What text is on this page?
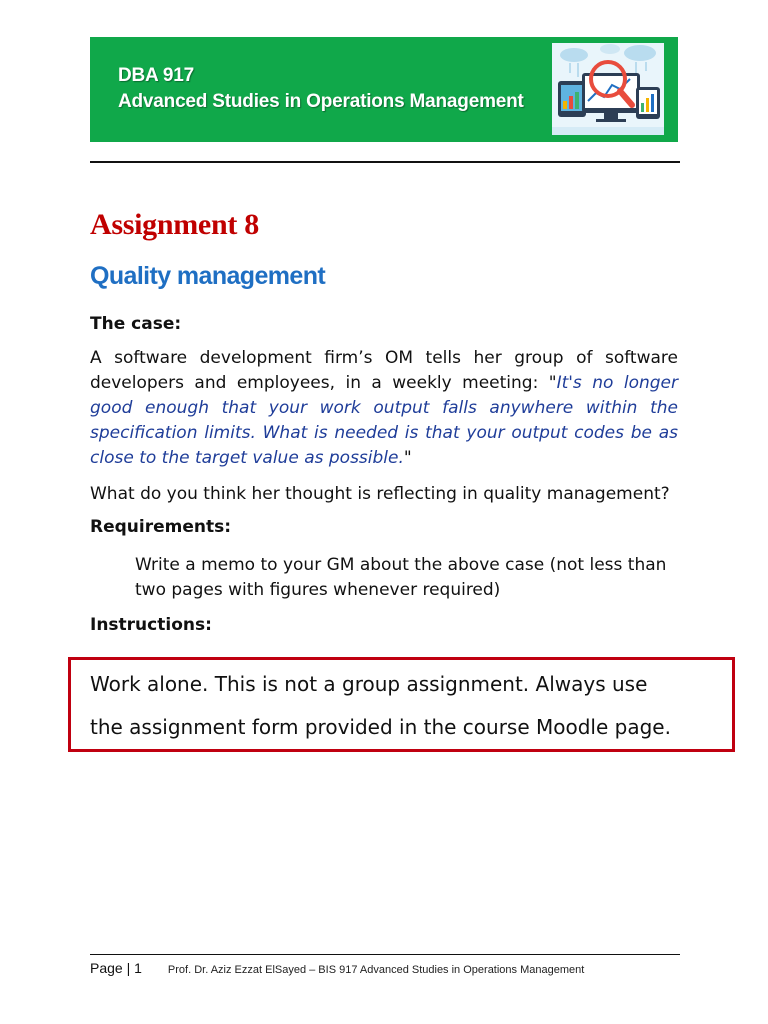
DBA 917
Advanced Studies in Operations Management
Assignment 8
Quality management
The case:
A software development firm’s OM tells her group of software developers and employees, in a weekly meeting: "It's no longer good enough that your work output falls anywhere within the specification limits. What is needed is that your output codes be as close to the target value as possible."
What do you think her thought is reflecting in quality management?
Requirements:
Write a memo to your GM about the above case (not less than two pages with figures whenever required)
Instructions:
Work alone. This is not a group assignment. Always use
the assignment form provided in the course Moodle page.
Page | 1 Prof. Dr. Aziz Ezzat ElSayed – BIS 917 Advanced Studies in Operations Management
